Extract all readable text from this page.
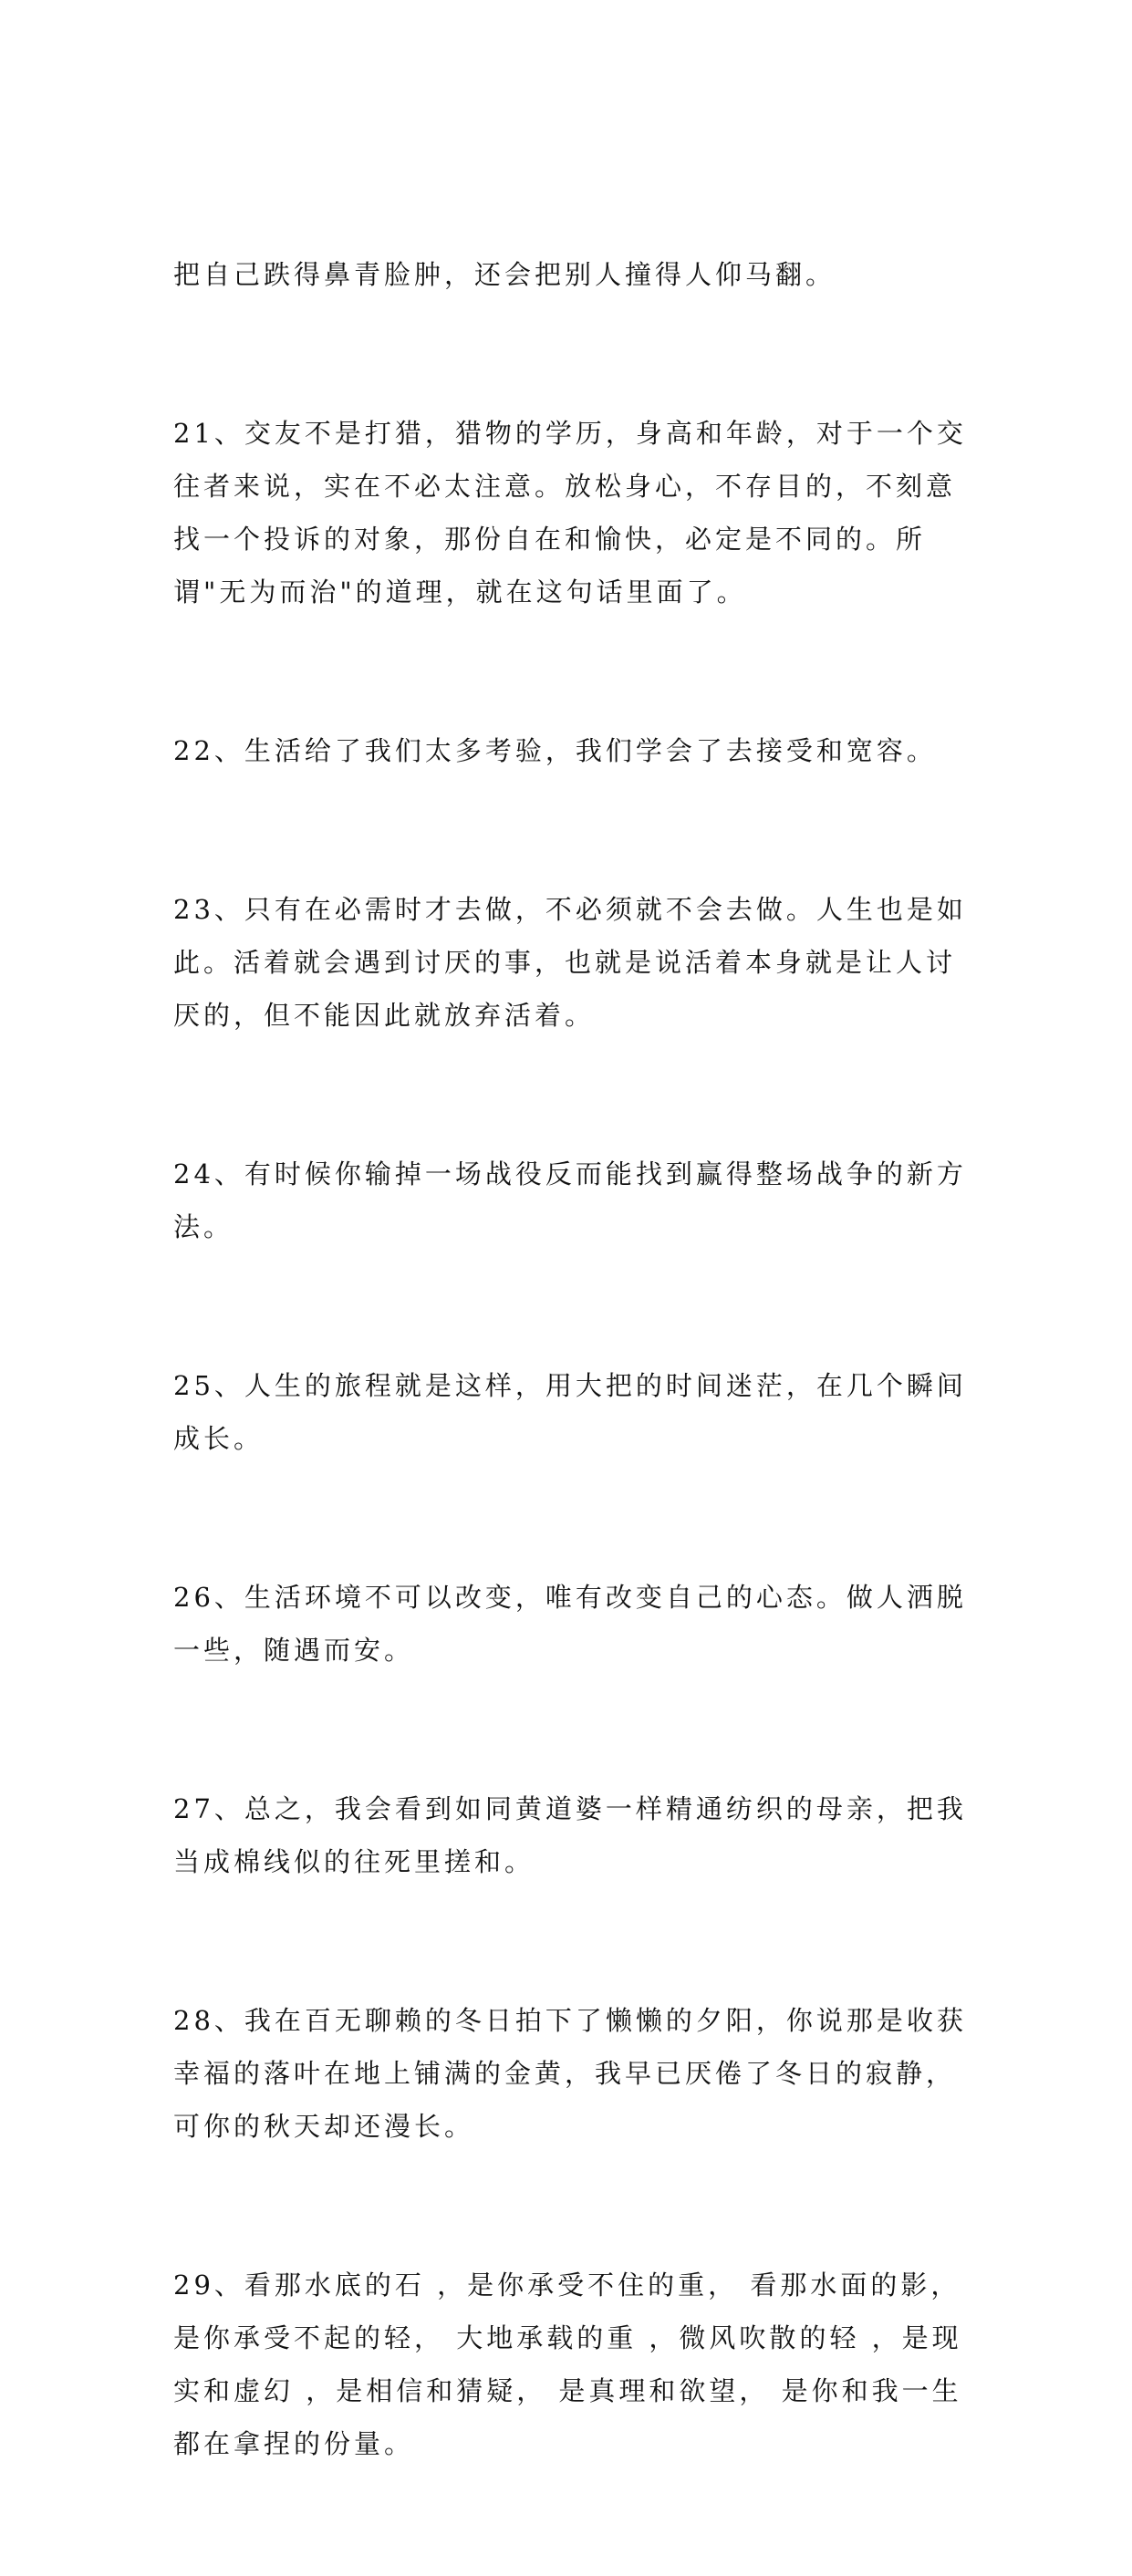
把自己跌得鼻青脸肿，还会把别人撞得人仰马翻。

21、交友不是打猎，猎物的学历，身高和年龄，对于一个交往者来说，实在不必太注意。放松身心，不存目的，不刻意找一个投诉的对象，那份自在和愉快，必定是不同的。所谓"无为而治"的道理，就在这句话里面了。

22、生活给了我们太多考验，我们学会了去接受和宽容。

23、只有在必需时才去做，不必须就不会去做。人生也是如此。活着就会遇到讨厌的事，也就是说活着本身就是让人讨厌的，但不能因此就放弃活着。

24、有时候你输掉一场战役反而能找到赢得整场战争的新方法。

25、人生的旅程就是这样，用大把的时间迷茫，在几个瞬间成长。

26、生活环境不可以改变，唯有改变自己的心态。做人洒脱一些，随遇而安。

27、总之，我会看到如同黄道婆一样精通纺织的母亲，把我当成棉线似的往死里搓和。

28、我在百无聊赖的冬日拍下了懒懒的夕阳，你说那是收获幸福的落叶在地上铺满的金黄，我早已厌倦了冬日的寂静，可你的秋天却还漫长。

29、看那水底的石 ，是你承受不住的重， 看那水面的影，是你承受不起的轻， 大地承载的重 ，微风吹散的轻 ，是现实和虚幻 ，是相信和猜疑， 是真理和欲望， 是你和我一生都在拿捏的份量。
